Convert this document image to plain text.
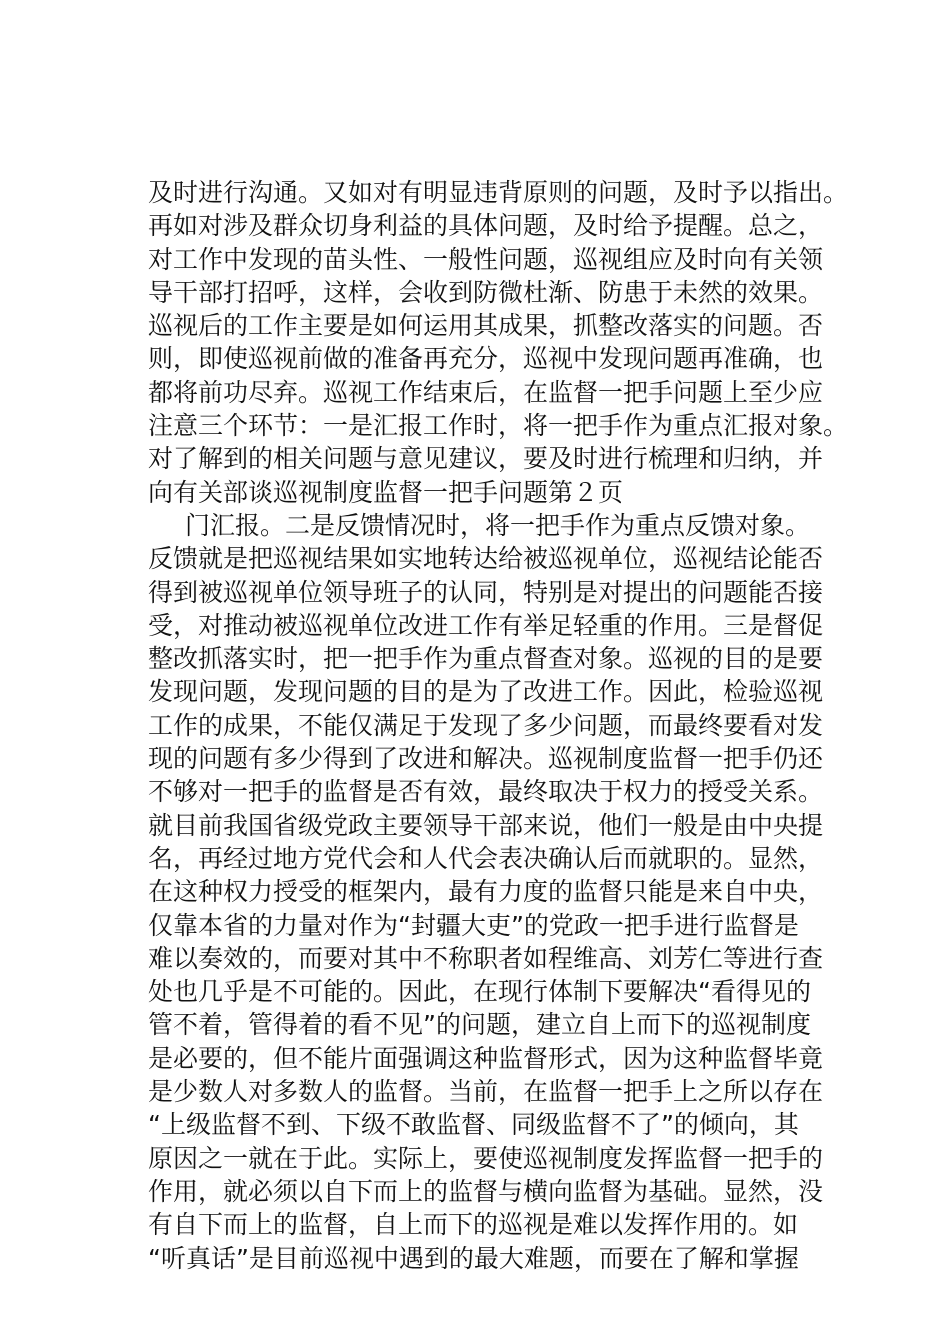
及时进行沟通。又如对有明显违背原则的问题，及时予以指出。
再如对涉及群众切身利益的具体问题，及时给予提醒。总之，
对工作中发现的苗头性、一般性问题，巡视组应及时向有关领
导干部打招呼，这样，会收到防微杜渐、防患于未然的效果。
巡视后的工作主要是如何运用其成果，抓整改落实的问题。否
则，即使巡视前做的准备再充分，巡视中发现问题再准确，也
都将前功尽弃。巡视工作结束后，在监督一把手问题上至少应
注意三个环节：一是汇报工作时，将一把手作为重点汇报对象。
对了解到的相关问题与意见建议，要及时进行梳理和归纳，并
向有关部谈巡视制度监督一把手问题第２页
门汇报。二是反馈情况时，将一把手作为重点反馈对象。
反馈就是把巡视结果如实地转达给被巡视单位，巡视结论能否
得到被巡视单位领导班子的认同，特别是对提出的问题能否接
受，对推动被巡视单位改进工作有举足轻重的作用。三是督促
整改抓落实时，把一把手作为重点督查对象。巡视的目的是要
发现问题，发现问题的目的是为了改进工作。因此，检验巡视
工作的成果，不能仅满足于发现了多少问题，而最终要看对发
现的问题有多少得到了改进和解决。巡视制度监督一把手仍还
不够对一把手的监督是否有效，最终取决于权力的授受关系。
就目前我国省级党政主要领导干部来说，他们一般是由中央提
名，再经过地方党代会和人代会表决确认后而就职的。显然，
在这种权力授受的框架内，最有力度的监督只能是来自中央，
仅靠本省的力量对作为“封疆大吏”的党政一把手进行监督是
难以奏效的，而要对其中不称职者如程维高、刘芳仁等进行查
处也几乎是不可能的。因此，在现行体制下要解决“看得见的
管不着，管得着的看不见”的问题，建立自上而下的巡视制度
是必要的，但不能片面强调这种监督形式，因为这种监督毕竟
是少数人对多数人的监督。当前，在监督一把手上之所以存在
“上级监督不到、下级不敢监督、同级监督不了”的倾向，其
原因之一就在于此。实际上，要使巡视制度发挥监督一把手的
作用，就必须以自下而上的监督与横向监督为基础。显然，没
有自下而上的监督，自上而下的巡视是难以发挥作用的。如
“听真话”是目前巡视中遇到的最大难题，而要在了解和掌握
